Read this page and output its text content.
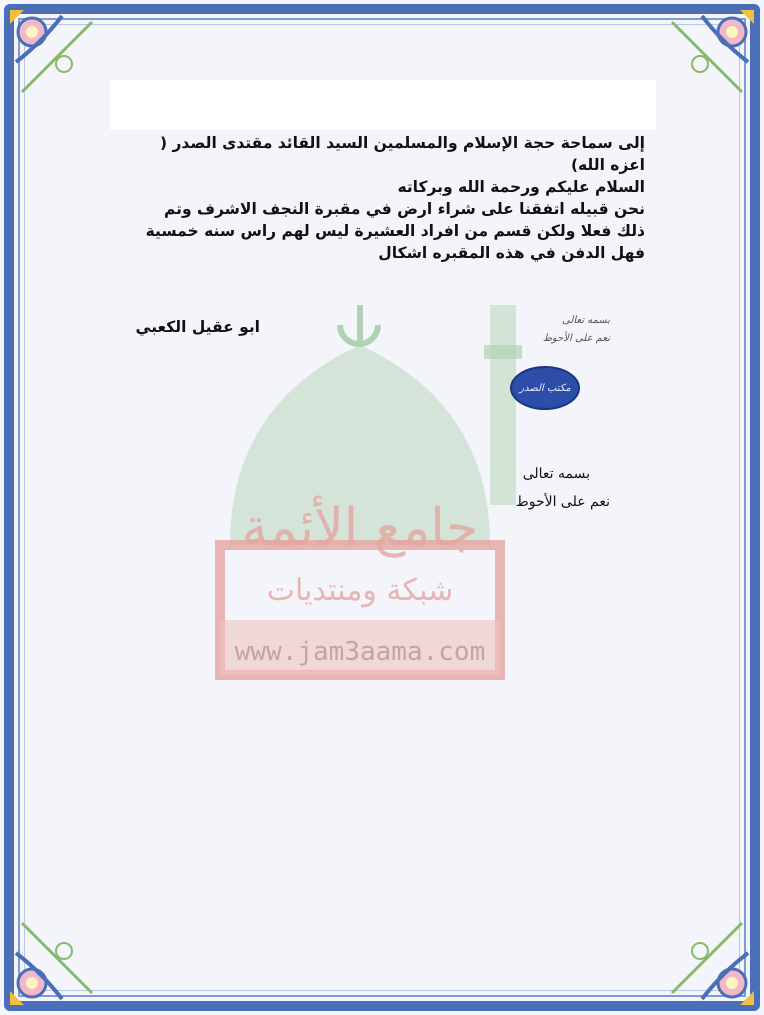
جامع الأئمة
شبكة ومنتديات
www.jam3aama.com

إلى سماحة حجة الإسلام والمسلمين السيد القائد مقتدى الصدر (

اعزه الله)

السلام عليكم ورحمة الله وبركاته

نحن قبيله اتفقنا على شراء ارض في مقبرة النجف الاشرف وتم

ذلك فعلا ولكن قسم من افراد العشيرة ليس لهم راس سنه خمسية

فهل الدفن في هذه المقبره اشكال

ابو عقيل الكعبي	بسمه تعالى
نعم على الأحوط
مكتب الصدر
بسمه تعالى
نعم على الأحوط
